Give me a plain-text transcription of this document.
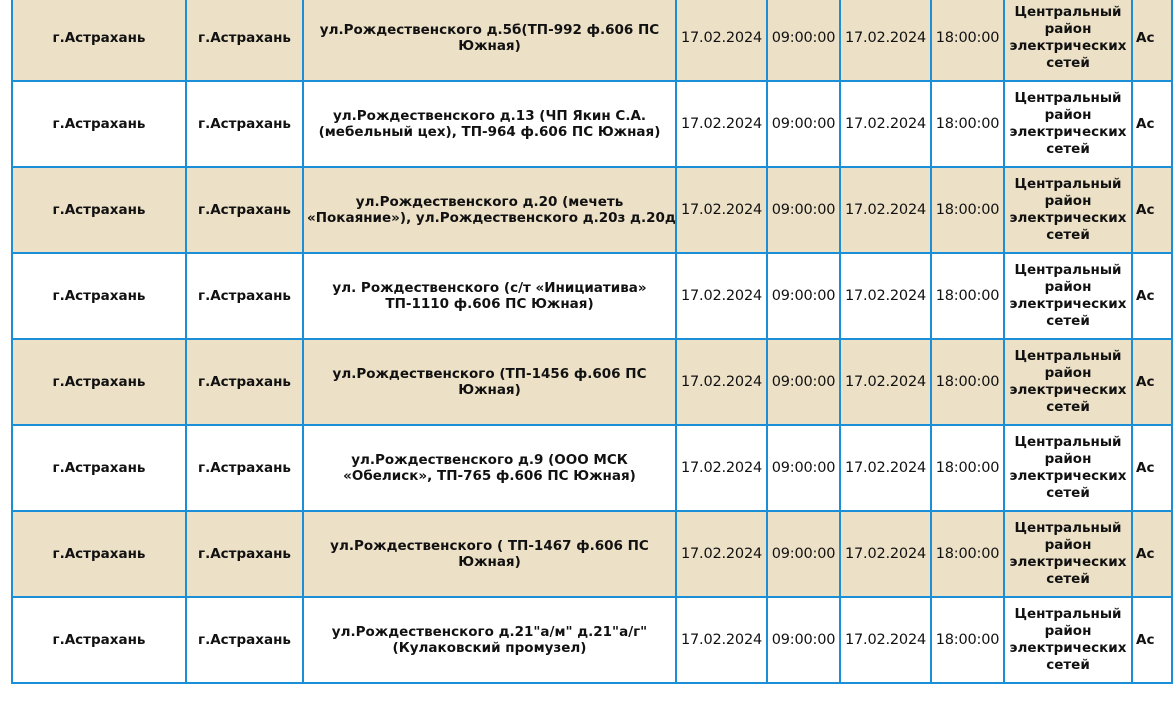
г.Астрахань	г.Астрахань	ул.Рождественского д.5б(ТП-992 ф.606 ПС
Южная)	17.02.2024	09:00:00	17.02.2024	18:00:00	Центральный
район
электрических
сетей	Ас
г.Астрахань	г.Астрахань	ул.Рождественского д.13 (ЧП Якин С.А.
(мебельный цех), ТП-964 ф.606 ПС Южная)	17.02.2024	09:00:00	17.02.2024	18:00:00	Центральный
район
электрических
сетей	Ас
г.Астрахань	г.Астрахань	ул.Рождественского д.20 (мечеть
«Покаяние»), ул.Рождественского д.20з д.20д	17.02.2024	09:00:00	17.02.2024	18:00:00	Центральный
район
электрических
сетей	Ас
г.Астрахань	г.Астрахань	ул. Рождественского (с/т «Инициатива»
ТП-1110 ф.606 ПС Южная)	17.02.2024	09:00:00	17.02.2024	18:00:00	Центральный
район
электрических
сетей	Ас
г.Астрахань	г.Астрахань	ул.Рождественского (ТП-1456 ф.606 ПС
Южная)	17.02.2024	09:00:00	17.02.2024	18:00:00	Центральный
район
электрических
сетей	Ас
г.Астрахань	г.Астрахань	ул.Рождественского д.9 (ООО МСК
«Обелиск», ТП-765 ф.606 ПС Южная)	17.02.2024	09:00:00	17.02.2024	18:00:00	Центральный
район
электрических
сетей	Ас
г.Астрахань	г.Астрахань	ул.Рождественского ( ТП-1467 ф.606 ПС
Южная)	17.02.2024	09:00:00	17.02.2024	18:00:00	Центральный
район
электрических
сетей	Ас
г.Астрахань	г.Астрахань	ул.Рождественского д.21"а/м" д.21"а/г"
(Кулаковский промузел)	17.02.2024	09:00:00	17.02.2024	18:00:00	Центральный
район
электрических
сетей	Ас
